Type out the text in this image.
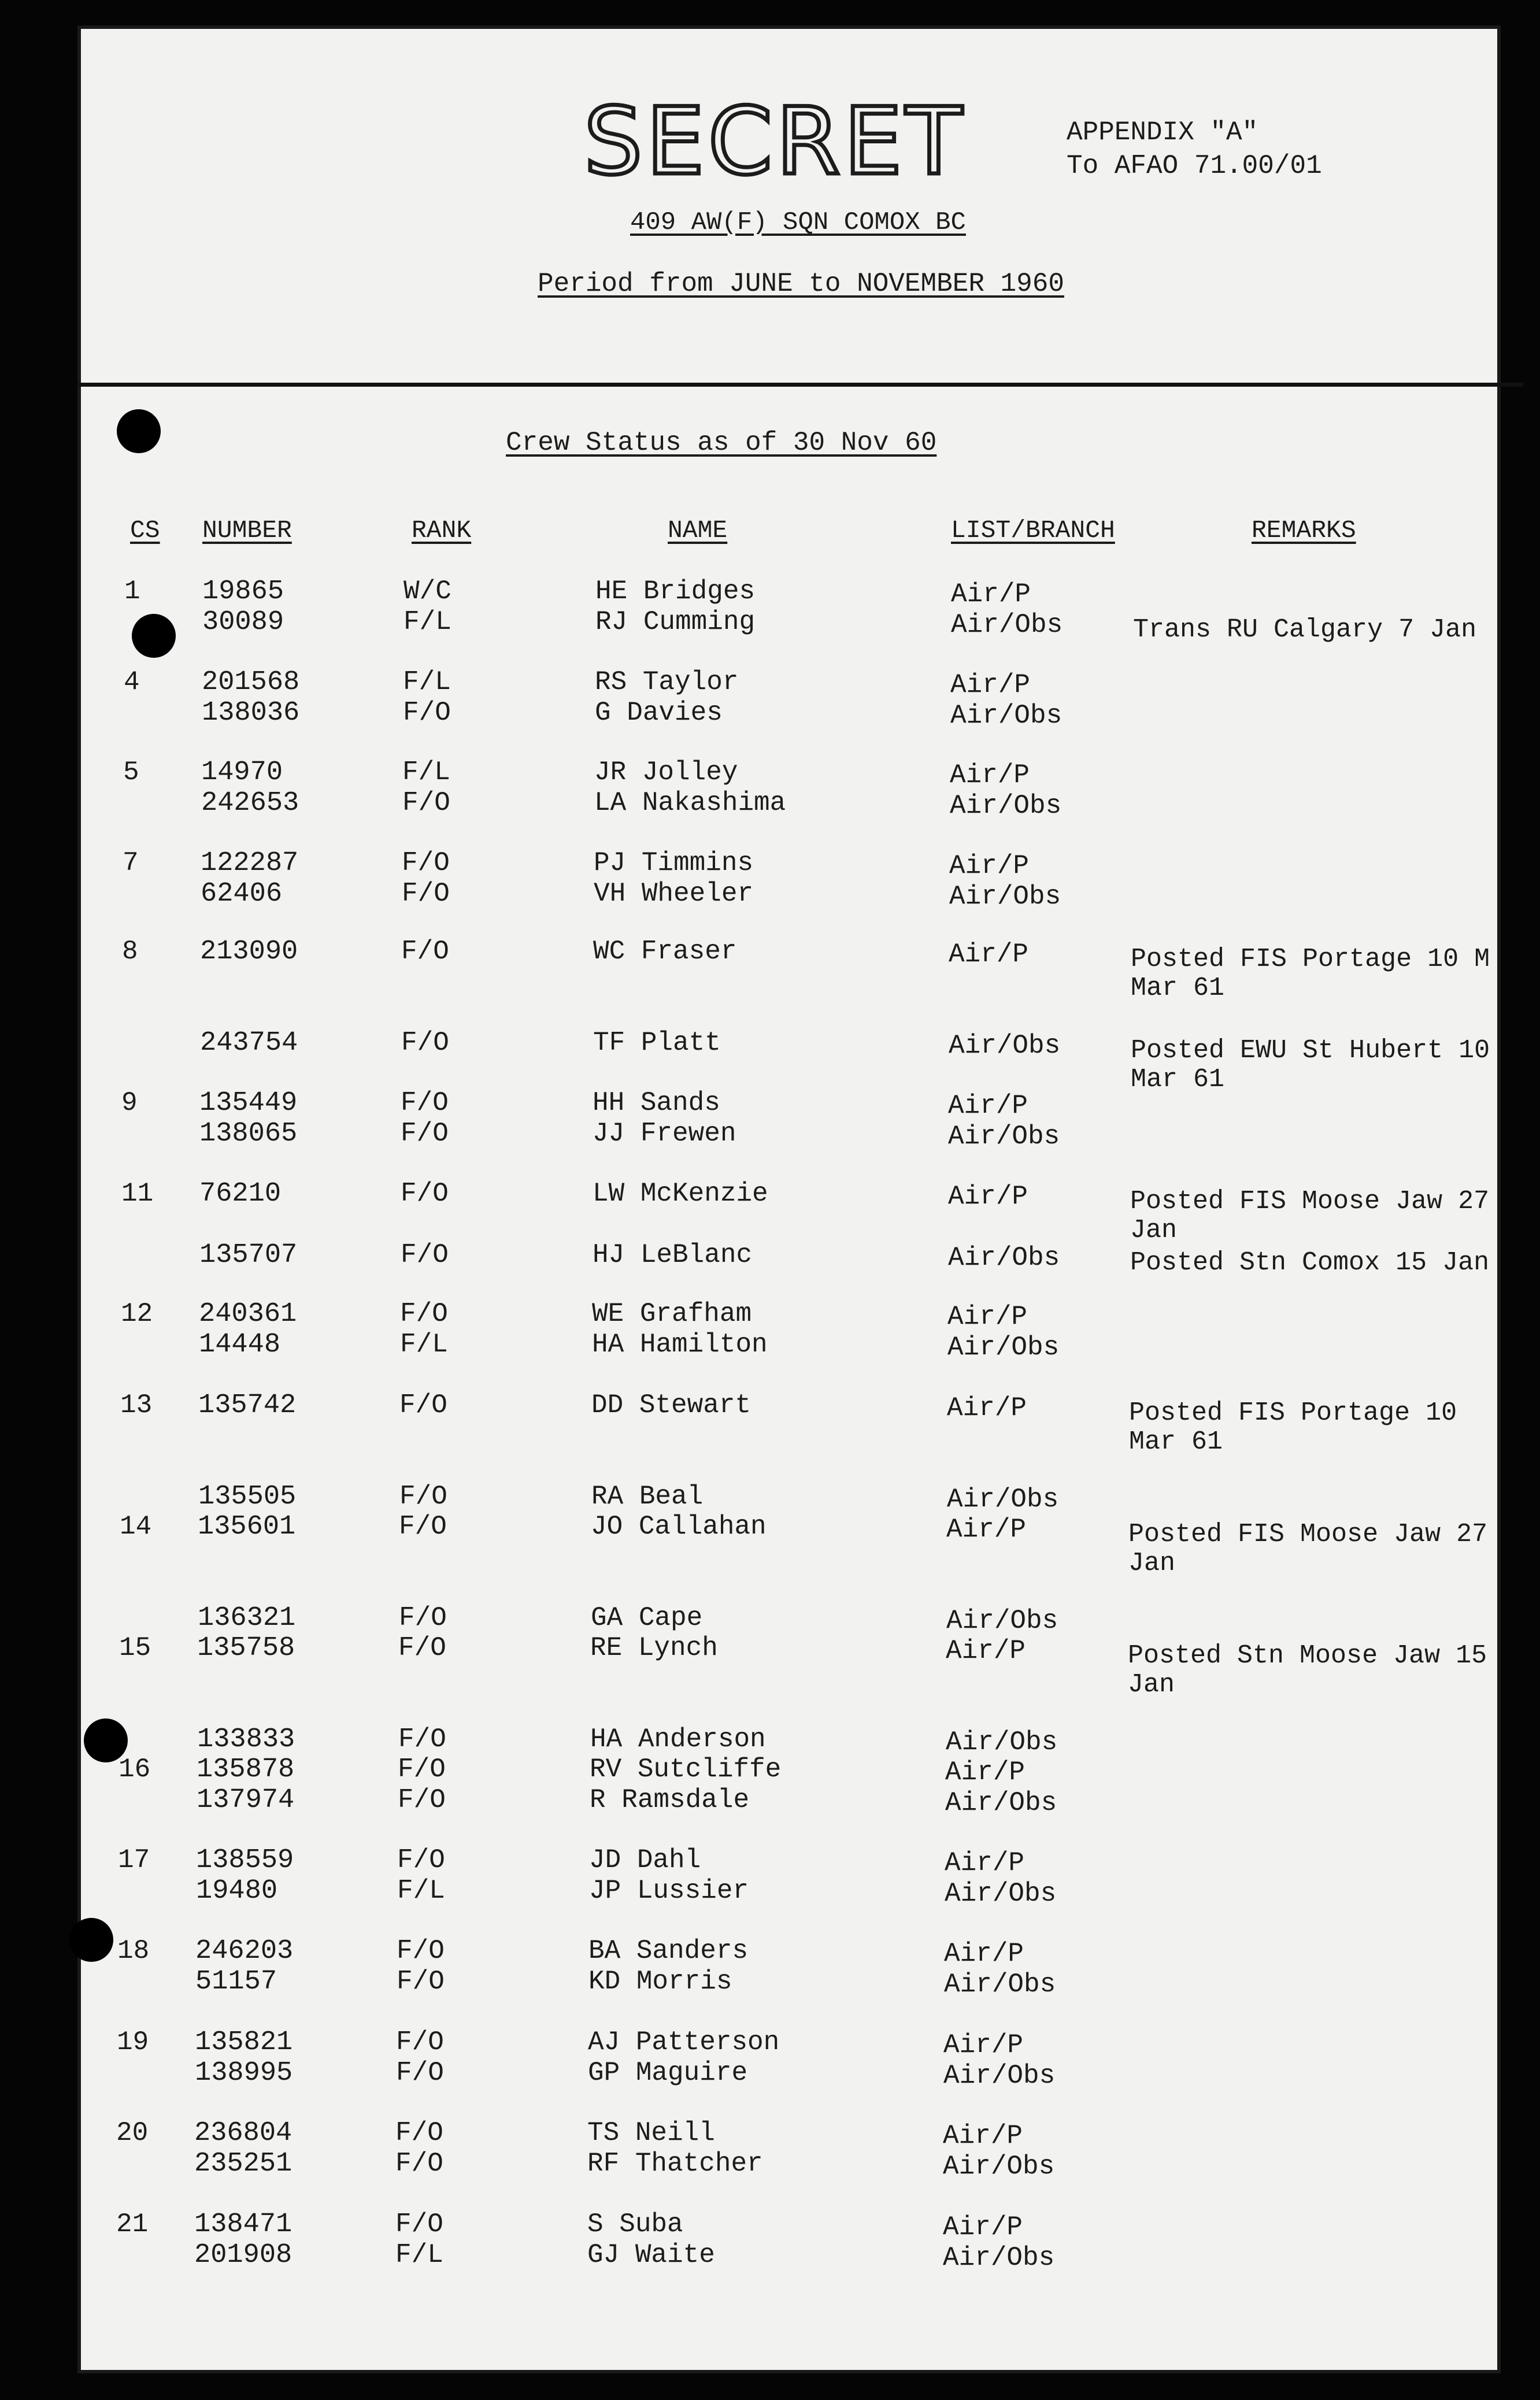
SECRET	APPENDIX "A"
To AFAO 71.00/01
409 AW(F) SQN COMOX BC
Period from JUNE to NOVEMBER 1960
Crew Status as of 30 Nov 60
CS NUMBER	RANK	NAME	LIST/BRANCH	REMARKS
1 19865	W/C	HE Bridges	Air/P
30089	F/L	RJ Cumming	Air/Obs	Trans RU Calgary 7 Jan
4 201568	F/L	RS Taylor	Air/P
138036	F/O	G Davies	Air/Obs
5 14970	F/L	JR Jolley	Air/P
242653	F/O	LA Nakashima	Air/Obs
7 122287	F/O	PJ Timmins	Air/P
62406	F/O	VH Wheeler	Air/Obs
8 213090	F/O	WC Fraser	Air/P	Posted FIS Portage 10 M Mar 61
243754	F/O	TF Platt	Air/Obs	Posted EWU St Hubert 10 Mar 61
9 135449	F/O	HH Sands	Air/P
138065	F/O	JJ Frewen	Air/Obs
11 76210	F/O	LW McKenzie	Air/P	Posted FIS Moose Jaw 27 Jan
135707	F/O	HJ LeBlanc	Air/Obs	Posted Stn Comox 15 Jan
12 240361	F/O	WE Grafham	Air/P
14448	F/L	HA Hamilton	Air/Obs
13 135742	F/O	DD Stewart	Air/P	Posted FIS Portage 10 Mar 61
135505	F/O	RA Beal	Air/Obs
14 135601	F/O	JO Callahan	Air/P	Posted FIS Moose Jaw 27 Jan
136321	F/O	GA Cape	Air/Obs
15 135758	F/O	RE Lynch	Air/P	Posted Stn Moose Jaw 15 Jan
133833	F/O	HA Anderson	Air/Obs
16 135878	F/O	RV Sutcliffe	Air/P
137974	F/O	R Ramsdale	Air/Obs
17 138559	F/O	JD Dahl	Air/P
19480	F/L	JP Lussier	Air/Obs
18 246203	F/O	BA Sanders	Air/P
51157	F/O	KD Morris	Air/Obs
19 135821	F/O	AJ Patterson	Air/P
138995	F/O	GP Maguire	Air/Obs
20 236804	F/O	TS Neill	Air/P
235251	F/O	RF Thatcher	Air/Obs
21 138471	F/O	S Suba	Air/P
201908	F/L	GJ Waite	Air/Obs
